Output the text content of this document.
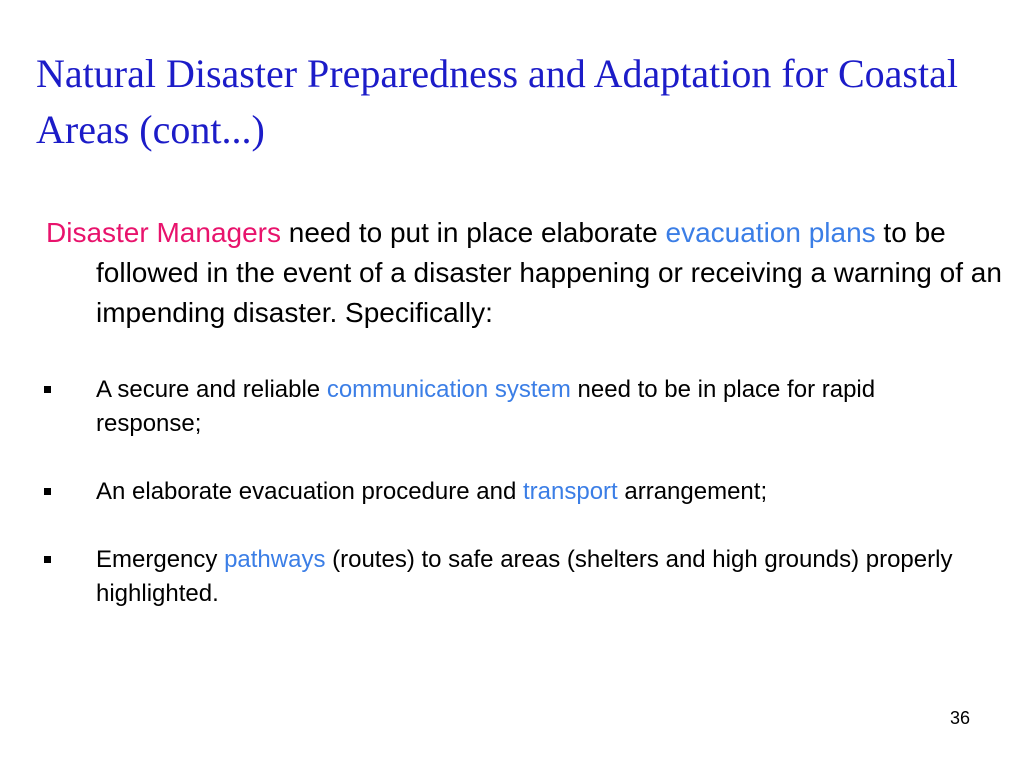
Natural Disaster Preparedness and Adaptation for Coastal Areas (cont...)

Disaster Managers need to put in place elaborate evacuation plans to be followed in the event of a disaster happening or receiving a warning of an impending disaster. Specifically:

A secure and reliable communication system need to be in place for rapid response;
An elaborate evacuation procedure and transport arrangement;
Emergency pathways (routes) to safe areas (shelters and high grounds) properly highlighted.
36
